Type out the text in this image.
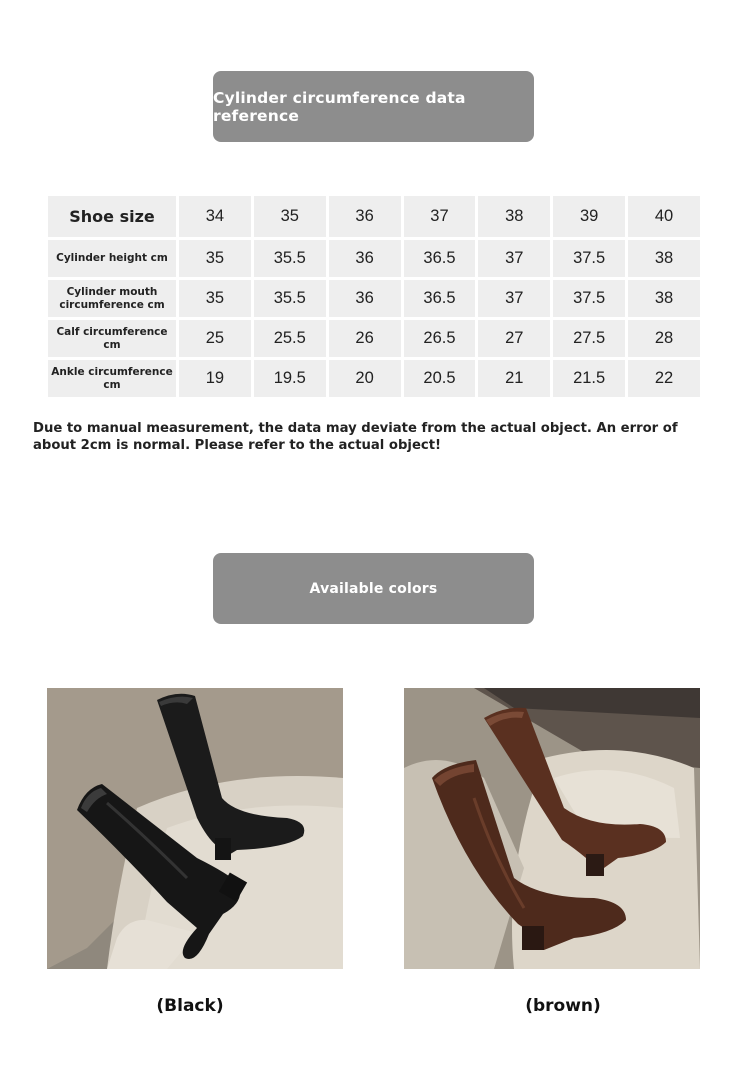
Cylinder circumference data reference
Shoe size	34	35	36	37	38	39	40
Cylinder height cm	35	35.5	36	36.5	37	37.5	38
Cylinder mouth circumference cm	35	35.5	36	36.5	37	37.5	38
Calf circumference cm	25	25.5	26	26.5	27	27.5	28
Ankle circumference cm	19	19.5	20	20.5	21	21.5	22
Due to manual measurement, the data may deviate from the actual object. An error of about 2cm is normal. Please refer to the actual object!
Available colors
(Black)	(brown)
